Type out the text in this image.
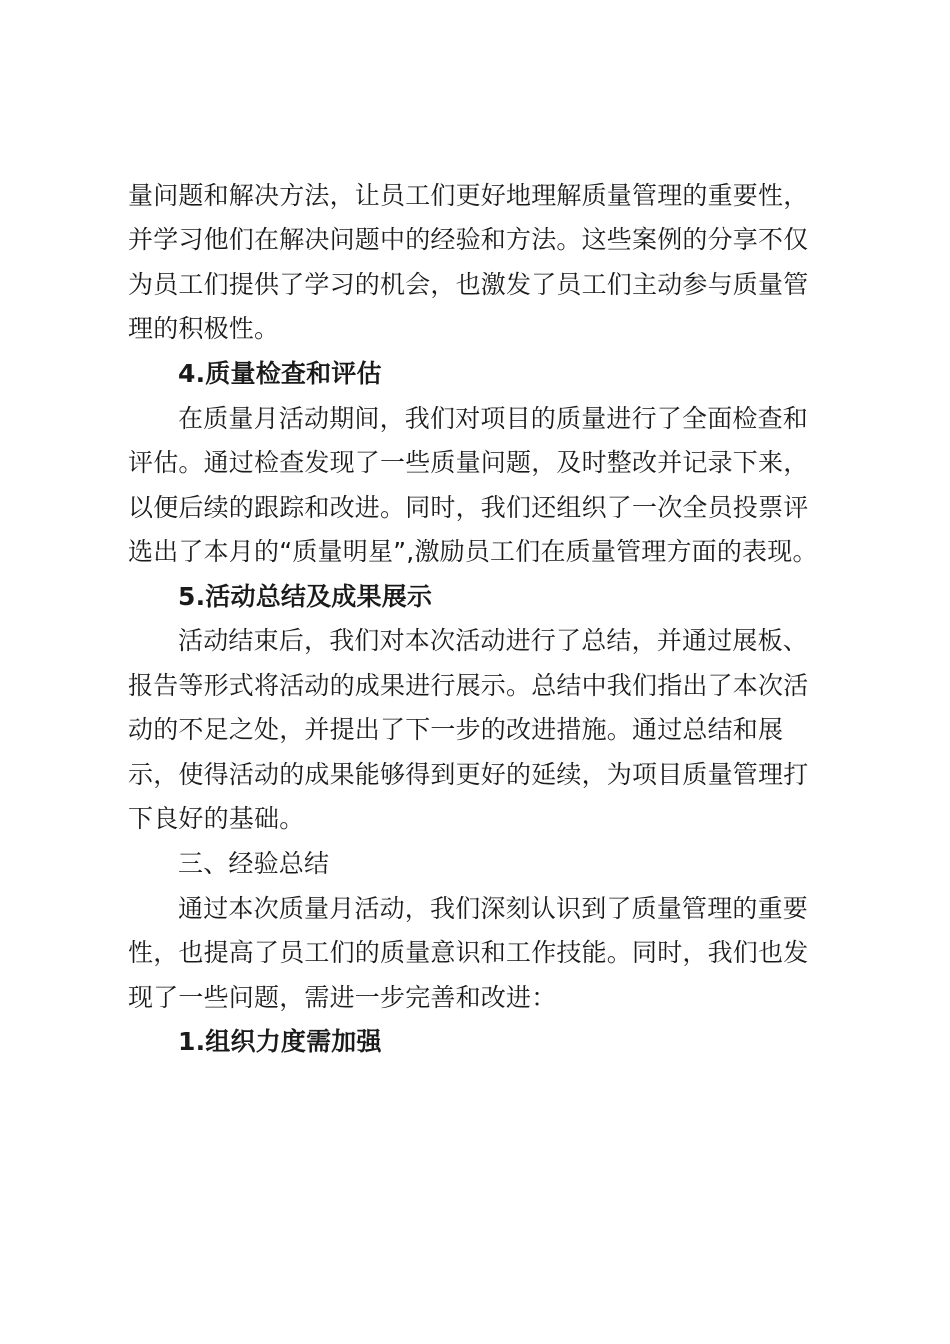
量问题和解决方法，让员工们更好地理解质量管理的重要性，
并学习他们在解决问题中的经验和方法。这些案例的分享不仅
为员工们提供了学习的机会，也激发了员工们主动参与质量管
理的积极性。
4.质量检查和评估
在质量月活动期间，我们对项目的质量进行了全面检查和
评估。通过检查发现了一些质量问题，及时整改并记录下来，
以便后续的跟踪和改进。同时，我们还组织了一次全员投票评
选出了本月的“质量明星”,激励员工们在质量管理方面的表现。
5.活动总结及成果展示
活动结束后，我们对本次活动进行了总结，并通过展板、
报告等形式将活动的成果进行展示。总结中我们指出了本次活
动的不足之处，并提出了下一步的改进措施。通过总结和展
示，使得活动的成果能够得到更好的延续，为项目质量管理打
下良好的基础。
三、经验总结
通过本次质量月活动，我们深刻认识到了质量管理的重要
性，也提高了员工们的质量意识和工作技能。同时，我们也发
现了一些问题，需进一步完善和改进：
1.组织力度需加强
